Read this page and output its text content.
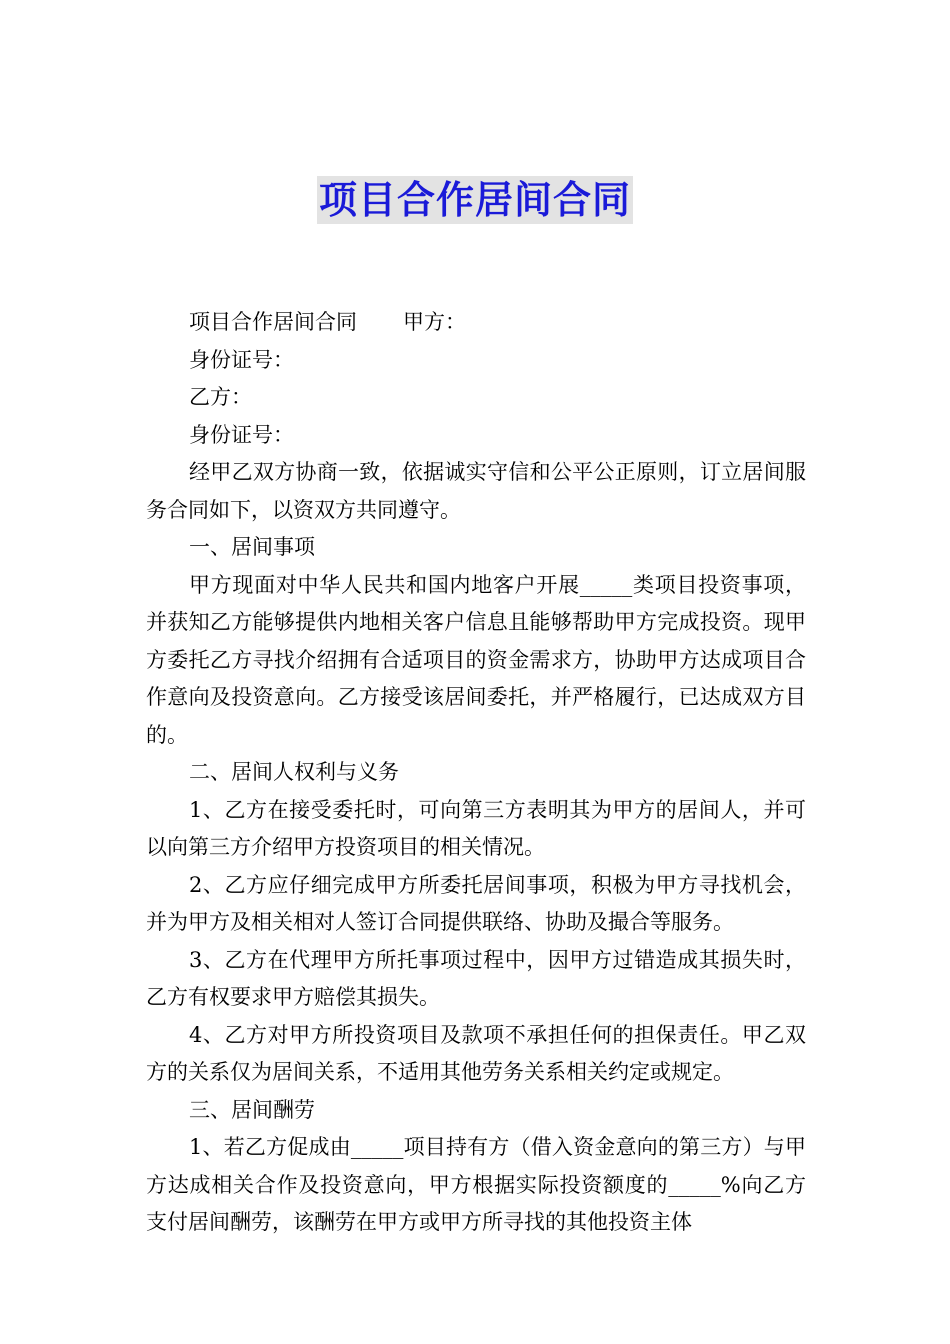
项目合作居间合同

项目合作居间合同 甲方：

身份证号：

乙方：

身份证号：

经甲乙双方协商一致，依据诚实守信和公平公正原则，订立居间服务合同如下，以资双方共同遵守。

一、居间事项

甲方现面对中华人民共和国内地客户开展_____类项目投资事项，并获知乙方能够提供内地相关客户信息且能够帮助甲方完成投资。现甲方委托乙方寻找介绍拥有合适项目的资金需求方，协助甲方达成项目合作意向及投资意向。乙方接受该居间委托，并严格履行，已达成双方目的。

二、居间人权利与义务

1、乙方在接受委托时，可向第三方表明其为甲方的居间人，并可以向第三方介绍甲方投资项目的相关情况。

2、乙方应仔细完成甲方所委托居间事项，积极为甲方寻找机会，并为甲方及相关相对人签订合同提供联络、协助及撮合等服务。

3、乙方在代理甲方所托事项过程中，因甲方过错造成其损失时，乙方有权要求甲方赔偿其损失。

4、乙方对甲方所投资项目及款项不承担任何的担保责任。甲乙双方的关系仅为居间关系，不适用其他劳务关系相关约定或规定。

三、居间酬劳

1、若乙方促成由_____项目持有方（借入资金意向的第三方）与甲方达成相关合作及投资意向，甲方根据实际投资额度的_____%向乙方支付居间酬劳，该酬劳在甲方或甲方所寻找的其他投资主体
